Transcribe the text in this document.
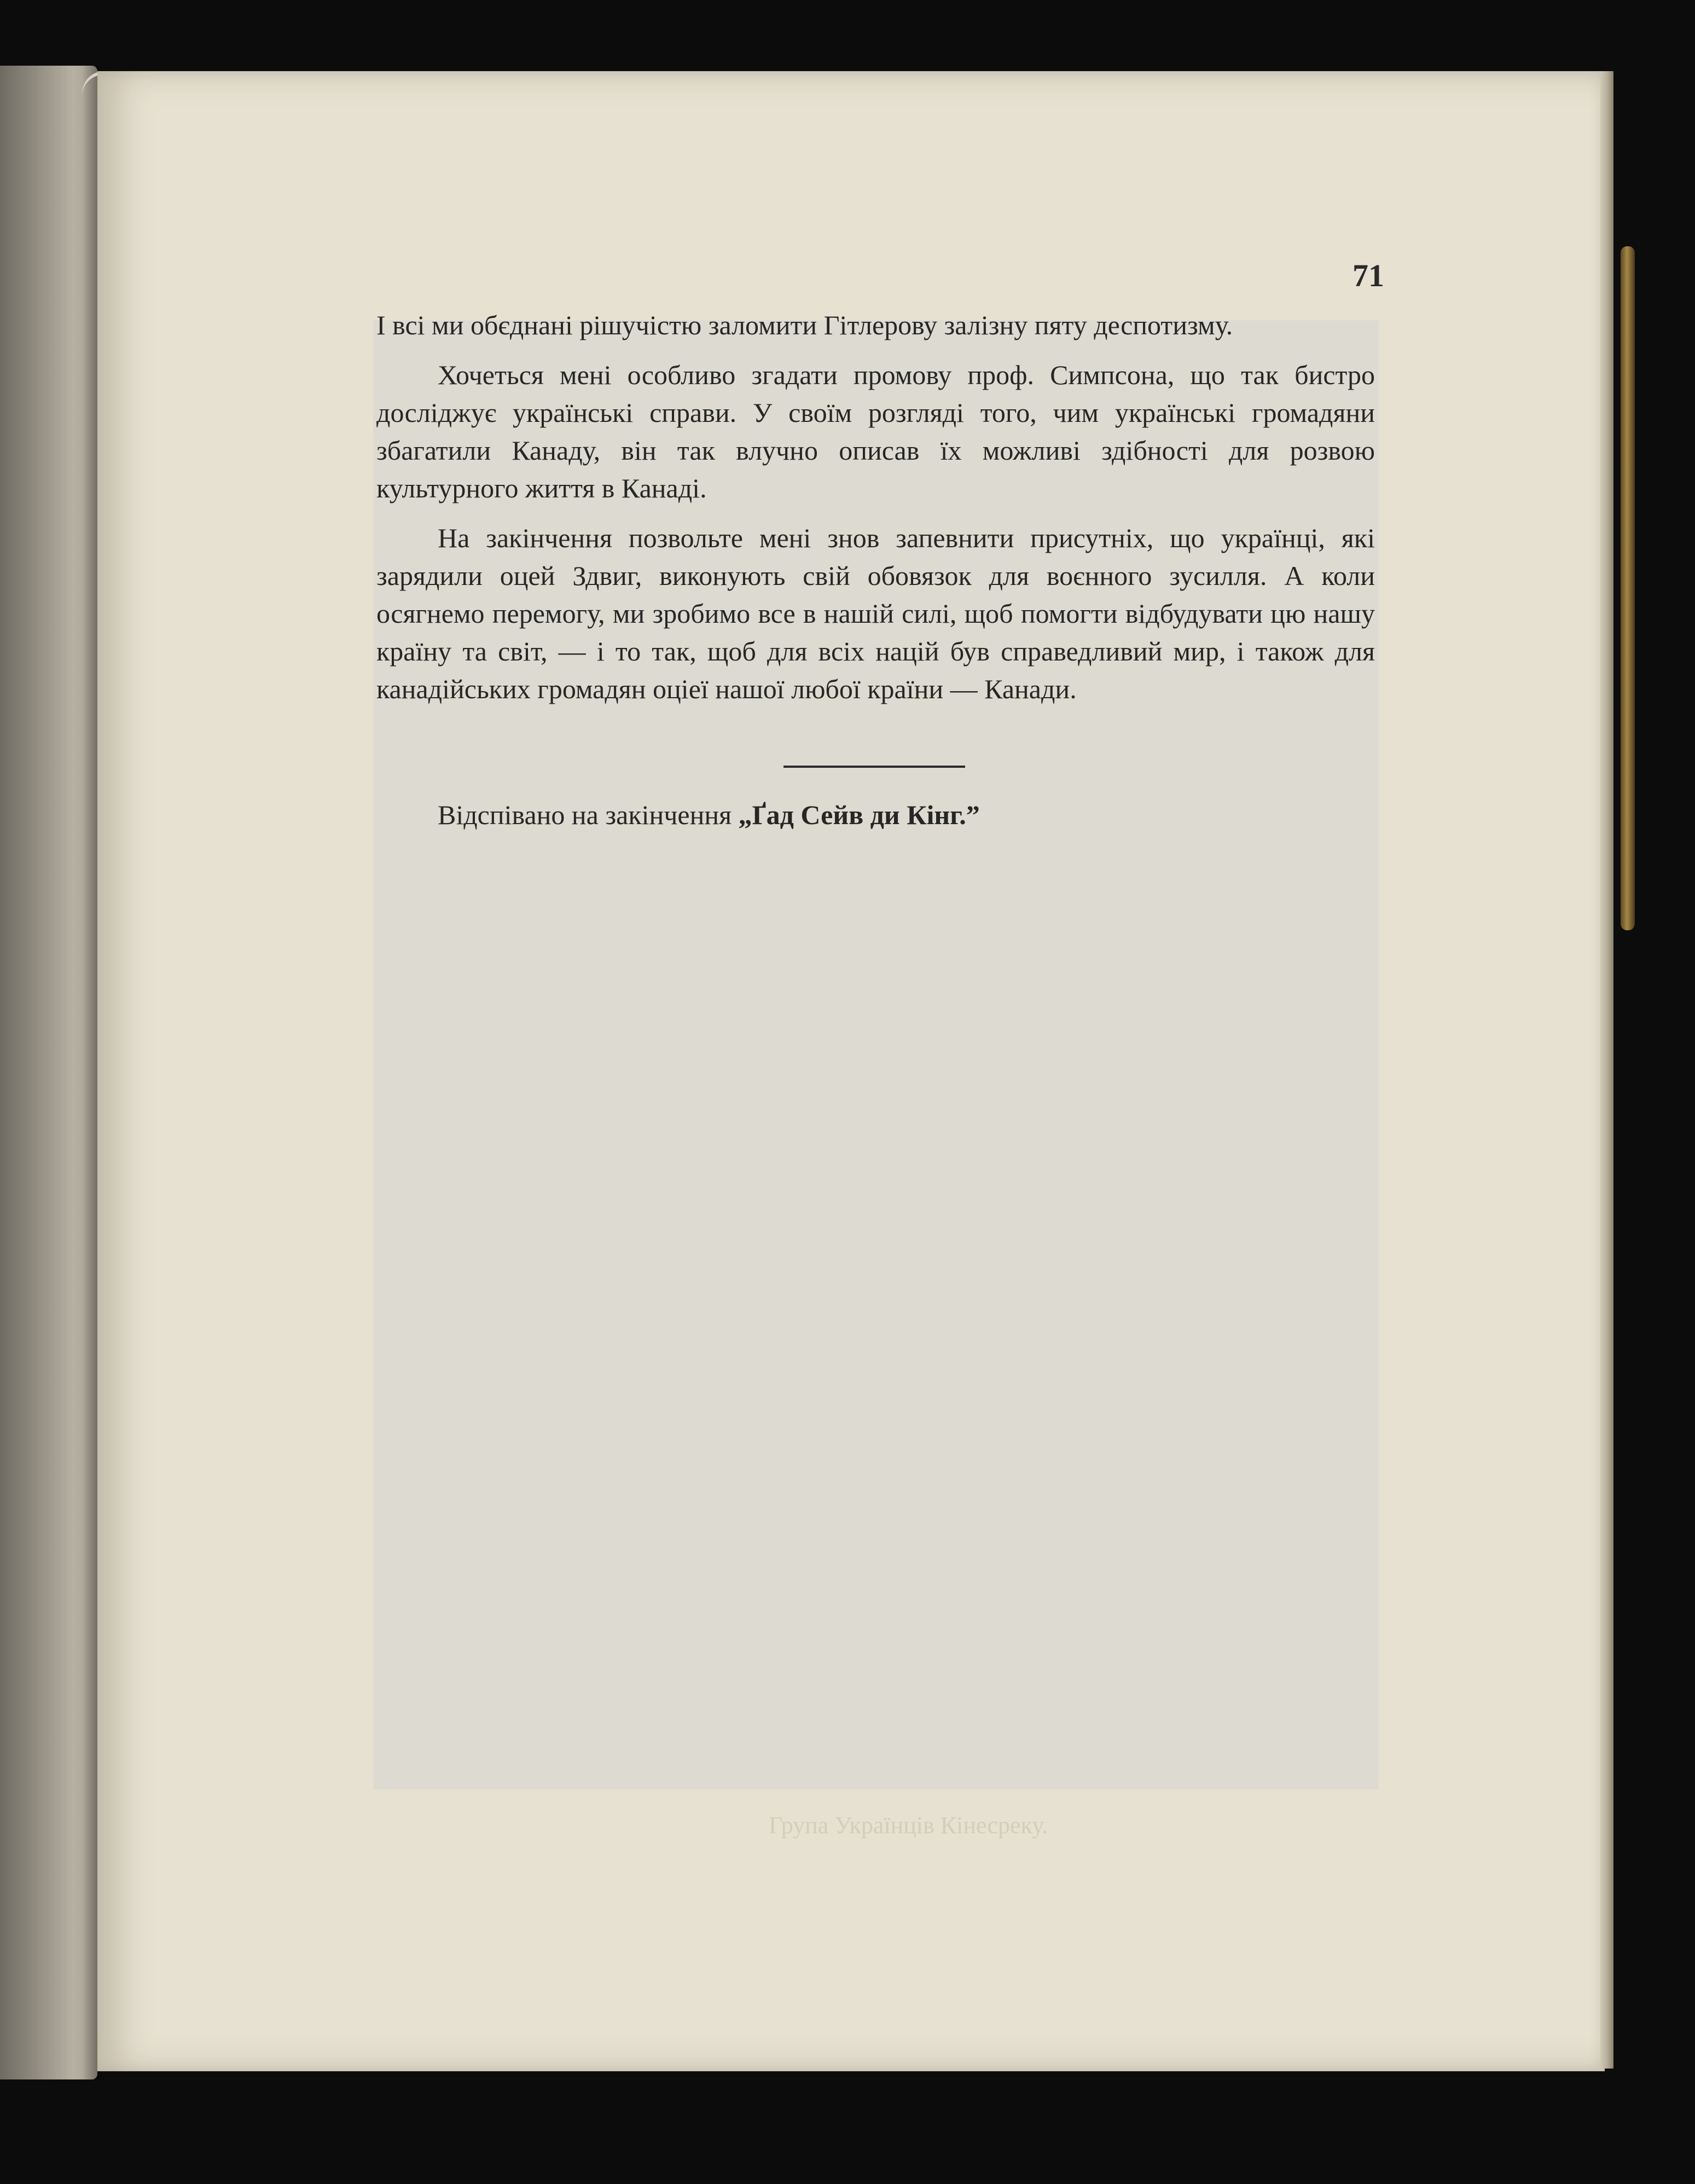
Група Українців Кінесреку.
71

І всі ми обєднані рішучістю заломити Гітлерову залізну пяту деспотизму.

Хочеться мені особливо згадати промову проф. Симпсона, що так бистро досліджує українські справи. У своїм розгляді того, чим українські громадяни збагатили Канаду, він так влучно описав їх можливі здібності для розвою культурного життя в Канаді.

На закінчення позвольте мені знов запевнити присутніх, що українці, які зарядили оцей Здвиг, виконують свій обовязок для воєнного зусилля. А коли осягнемо перемогу, ми зробимо все в нашій силі, щоб помогти відбудувати цю нашу країну та світ, — і то так, щоб для всіх націй був справедливий мир, і також для канадійських громадян оціеї нашої любої країни — Канади.

Відспівано на закінчення „Ґад Сейв ди Кінг.”
